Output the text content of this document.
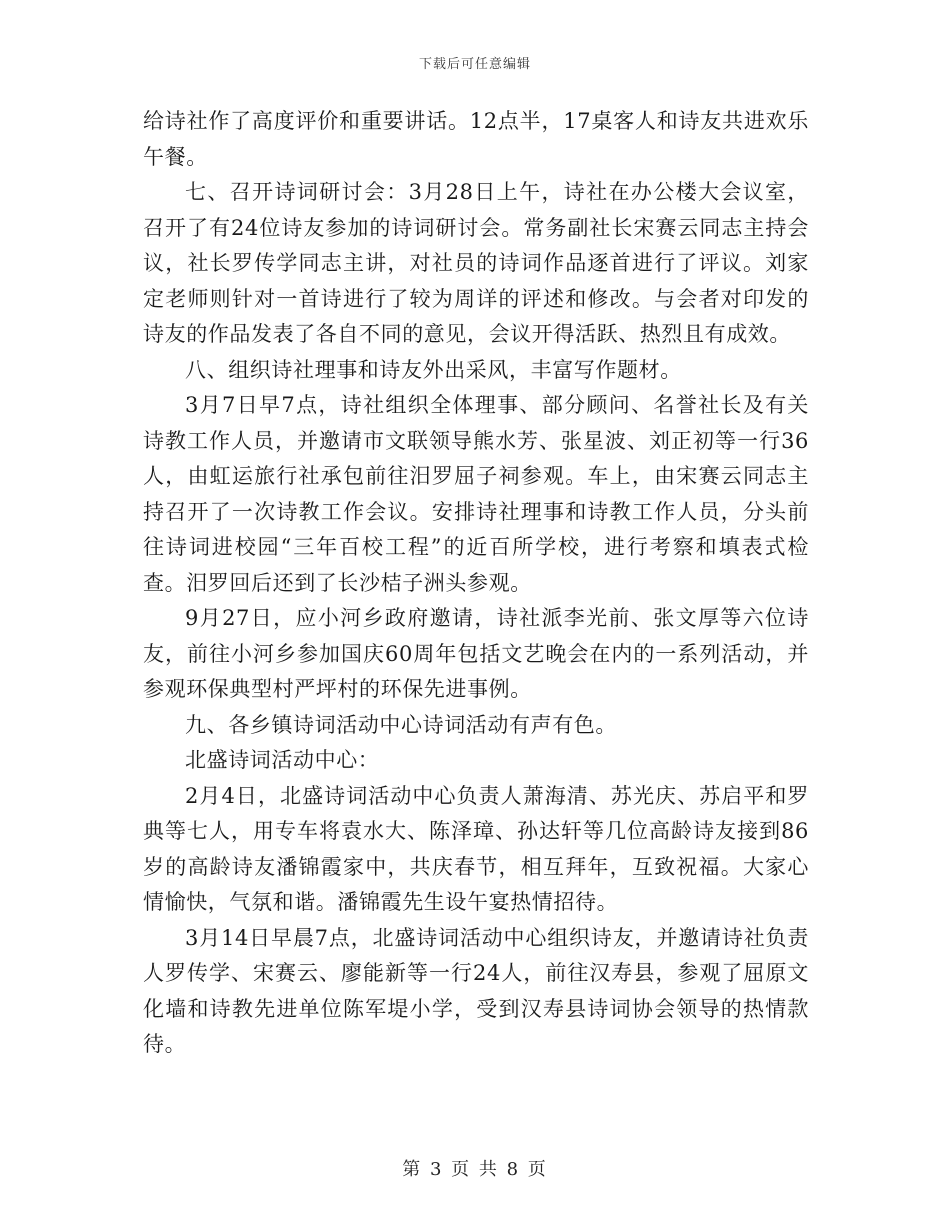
下载后可任意编辑

给诗社作了高度评价和重要讲话。12点半，17桌客人和诗友共进欢乐午餐。

七、召开诗词研讨会：3月28日上午，诗社在办公楼大会议室，召开了有24位诗友参加的诗词研讨会。常务副社长宋赛云同志主持会议，社长罗传学同志主讲，对社员的诗词作品逐首进行了评议。刘家定老师则针对一首诗进行了较为周详的评述和修改。与会者对印发的诗友的作品发表了各自不同的意见，会议开得活跃、热烈且有成效。

八、组织诗社理事和诗友外出采风，丰富写作题材。

3月7日早7点，诗社组织全体理事、部分顾问、名誉社长及有关诗教工作人员，并邀请市文联领导熊水芳、张星波、刘正初等一行36人，由虹运旅行社承包前往汨罗屈子祠参观。车上，由宋赛云同志主持召开了一次诗教工作会议。安排诗社理事和诗教工作人员，分头前往诗词进校园“三年百校工程”的近百所学校，进行考察和填表式检查。汨罗回后还到了长沙桔子洲头参观。

9月27日，应小河乡政府邀请，诗社派李光前、张文厚等六位诗友，前往小河乡参加国庆60周年包括文艺晚会在内的一系列活动，并参观环保典型村严坪村的环保先进事例。

九、各乡镇诗词活动中心诗词活动有声有色。

北盛诗词活动中心：

2月4日，北盛诗词活动中心负责人萧海清、苏光庆、苏启平和罗典等七人，用专车将袁水大、陈泽璋、孙达轩等几位高龄诗友接到86岁的高龄诗友潘锦霞家中，共庆春节，相互拜年，互致祝福。大家心情愉快，气氛和谐。潘锦霞先生设午宴热情招待。

3月14日早晨7点，北盛诗词活动中心组织诗友，并邀请诗社负责人罗传学、宋赛云、廖能新等一行24人，前往汉寿县，参观了屈原文化墙和诗教先进单位陈军堤小学，受到汉寿县诗词协会领导的热情款待。

第 3 页 共 8 页
